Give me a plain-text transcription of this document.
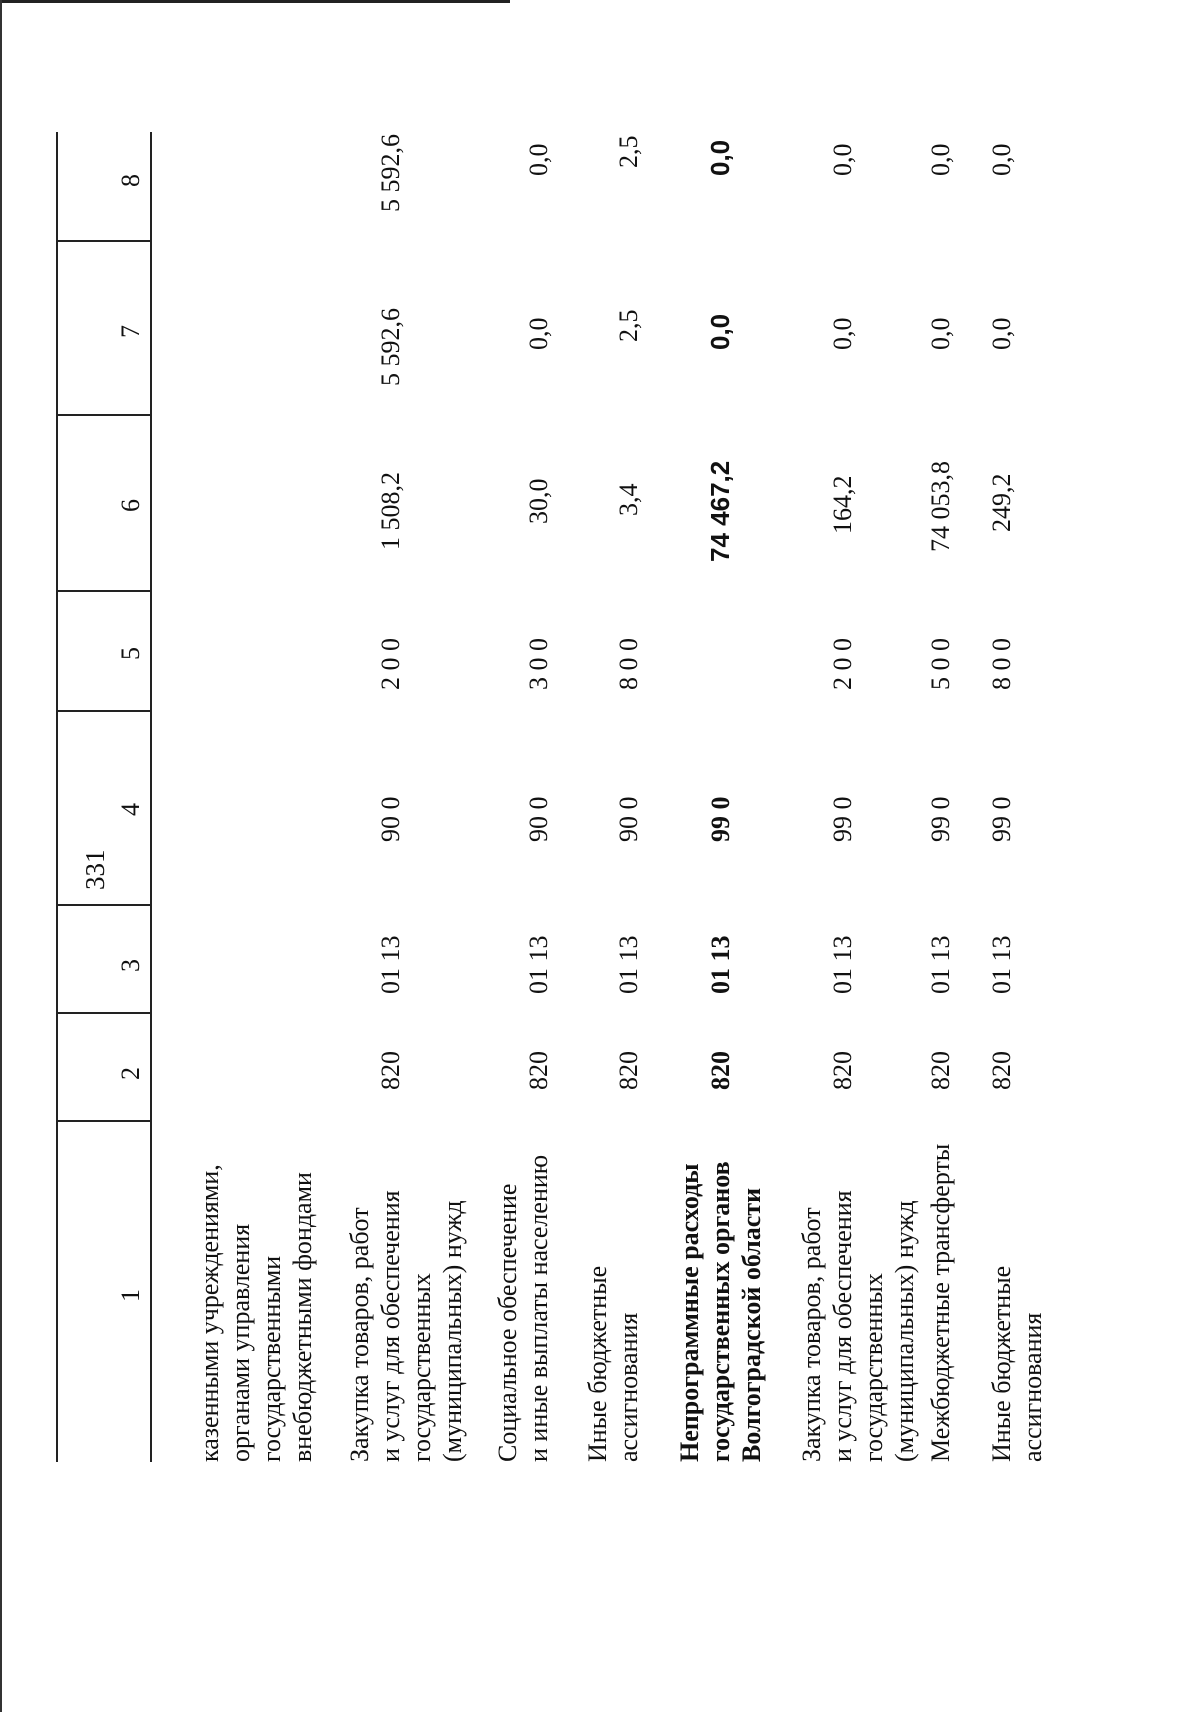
331
1
2
3
4
5
6
7
8
казенными учреждениями, органами управления государственными внебюджетными фондами Закупка товаров, работ и услуг для обеспечения государственных (муниципальных) нужд
820
01 13
90 0
2 0 0
1 508,2
5 592,6
5 592,6
Социальное обеспечение и иные выплаты населению
820
01 13
90 0
3 0 0
30,0
0,0
0,0
Иные бюджетные ассигнования
820
01 13
90 0
8 0 0
3,4
2,5
2,5
Непрограммные расходы государственных органов Волгоградской области
820
01 13
99 0
74 467,2
0,0
0,0
Закупка товаров, работ и услуг для обеспечения государственных (муниципальных) нужд
820
01 13
99 0
2 0 0
164,2
0,0
0,0
Межбюджетные трансферты
820
01 13
99 0
5 0 0
74 053,8
0,0
0,0
Иные бюджетные ассигнования
820
01 13
99 0
8 0 0
249,2
0,0
0,0
